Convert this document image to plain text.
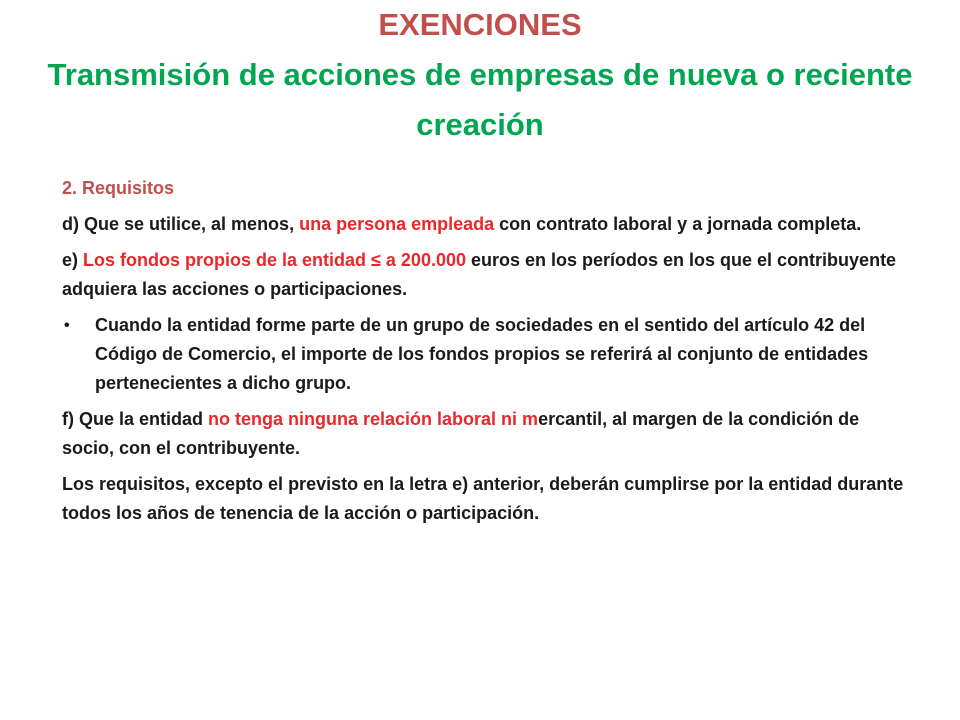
EXENCIONES
Transmisión de acciones de empresas de nueva o reciente creación

2. Requisitos

d) Que se utilice, al menos, una persona empleada con contrato laboral y a jornada completa.

e) Los fondos propios de la entidad ≤ a 200.000 euros en los períodos en los que el contribuyente adquiera las acciones o participaciones.

• Cuando la entidad forme parte de un grupo de sociedades en el sentido del artículo 42 del Código de Comercio, el importe de los fondos propios se referirá al conjunto de entidades pertenecientes a dicho grupo.

f) Que la entidad no tenga ninguna relación laboral ni mercantil, al margen de la condición de socio, con el contribuyente.

Los requisitos, excepto el previsto en la letra e) anterior, deberán cumplirse por la entidad durante todos los años de tenencia de la acción o participación.
